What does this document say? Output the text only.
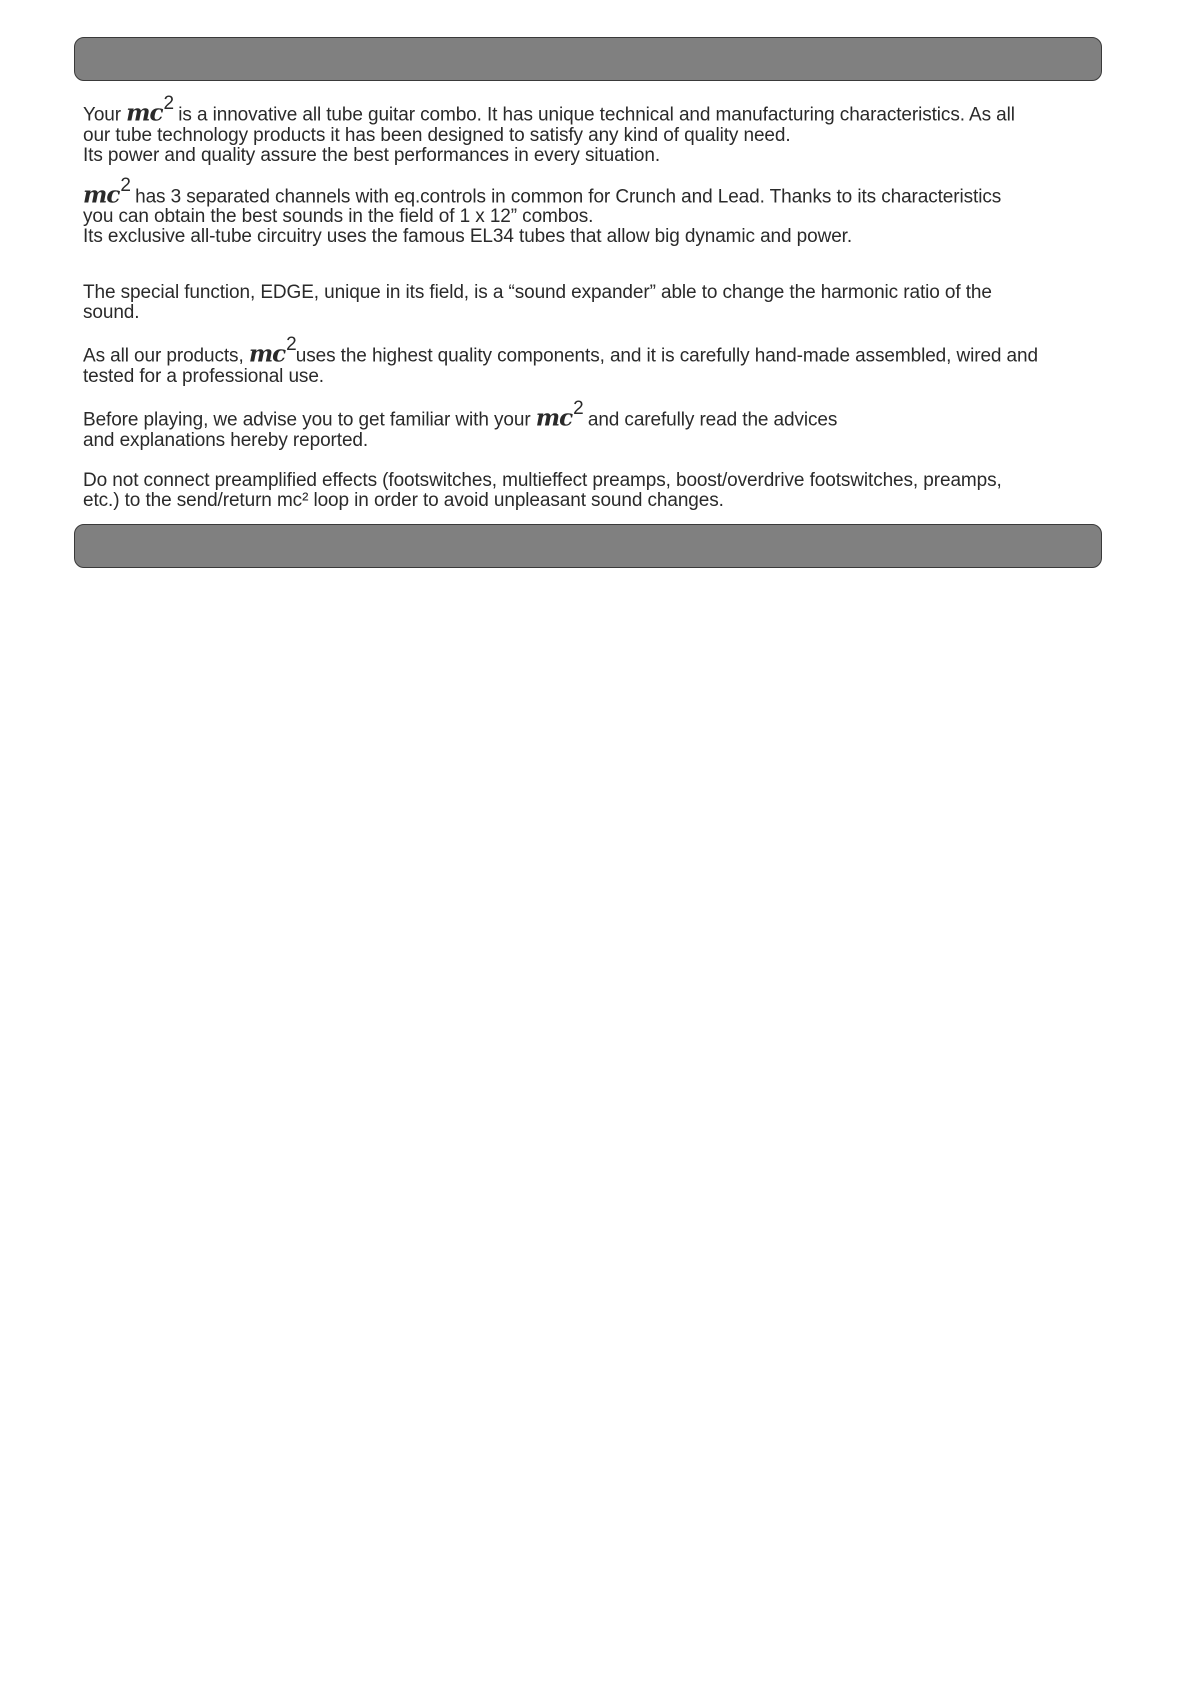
Your $mc^2$ is a innovative all tube guitar combo. It has unique technical and manufacturing characteristics. As all
our tube technology products it has been designed to satisfy any kind of quality need.
Its power and quality assure the best performances in every situation.

$mc^2$ has 3 separated channels with eq.controls in common for Crunch and Lead. Thanks to its characteristics
you can obtain the best sounds in the field of 1 x 12” combos.
Its exclusive all-tube circuitry uses the famous EL34 tubes that allow big dynamic and power.

The special function, EDGE, unique in its field, is a “sound expander” able to change the harmonic ratio of the
sound.

As all our products, $mc^2uses$ the highest quality components, and it is carefully hand-made assembled, wired and
tested for a professional use.

Before playing, we advise you to get familiar with your $mc^2$ and carefully read the advices
and explanations hereby reported.

Do not connect preamplified effects (footswitches, multieffect preamps, boost/overdrive footswitches, preamps,
etc.) to the send/return mc² loop in order to avoid unpleasant sound changes.
